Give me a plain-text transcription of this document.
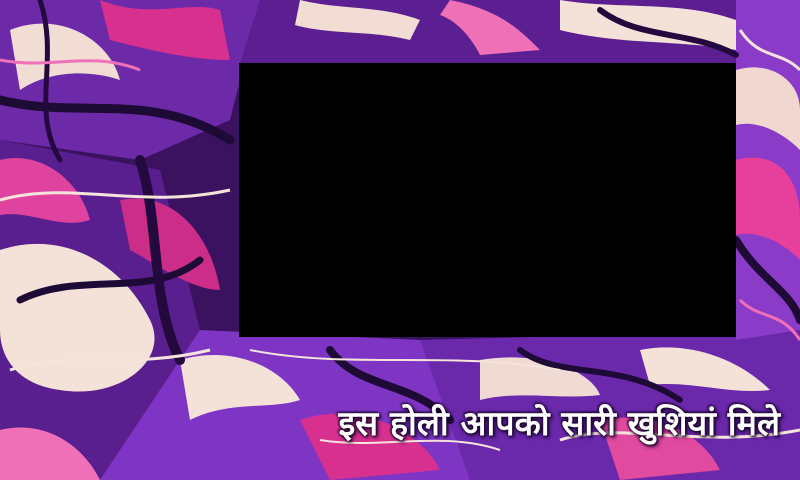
इस होली आपको सारी खुशियां मिले
